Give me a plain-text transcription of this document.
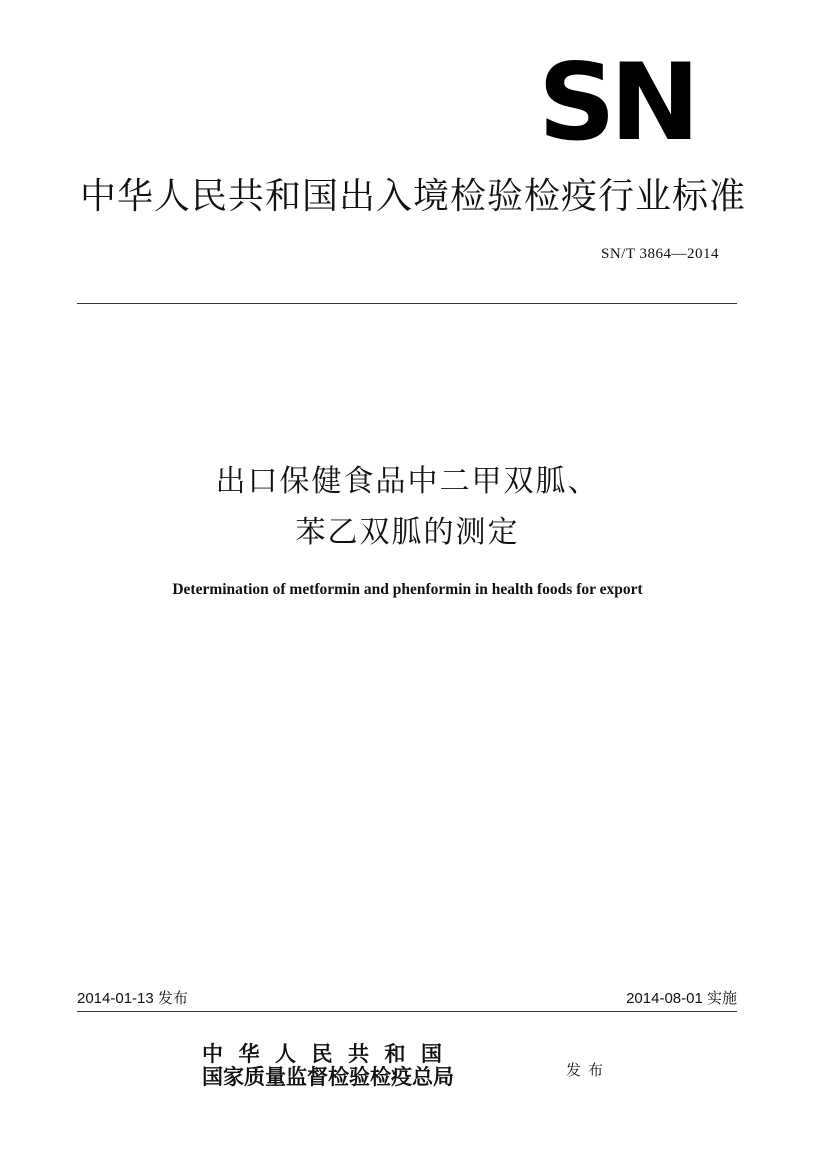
SN
中华人民共和国出入境检验检疫行业标准
SN/T 3864—2014
出口保健食品中二甲双胍、
苯乙双胍的测定
Determination of metformin and phenformin in health foods for export
2014-01-13 发布	2014-08-01 实施
中华人民共和国
国家质量监督检验检疫总局	发布
